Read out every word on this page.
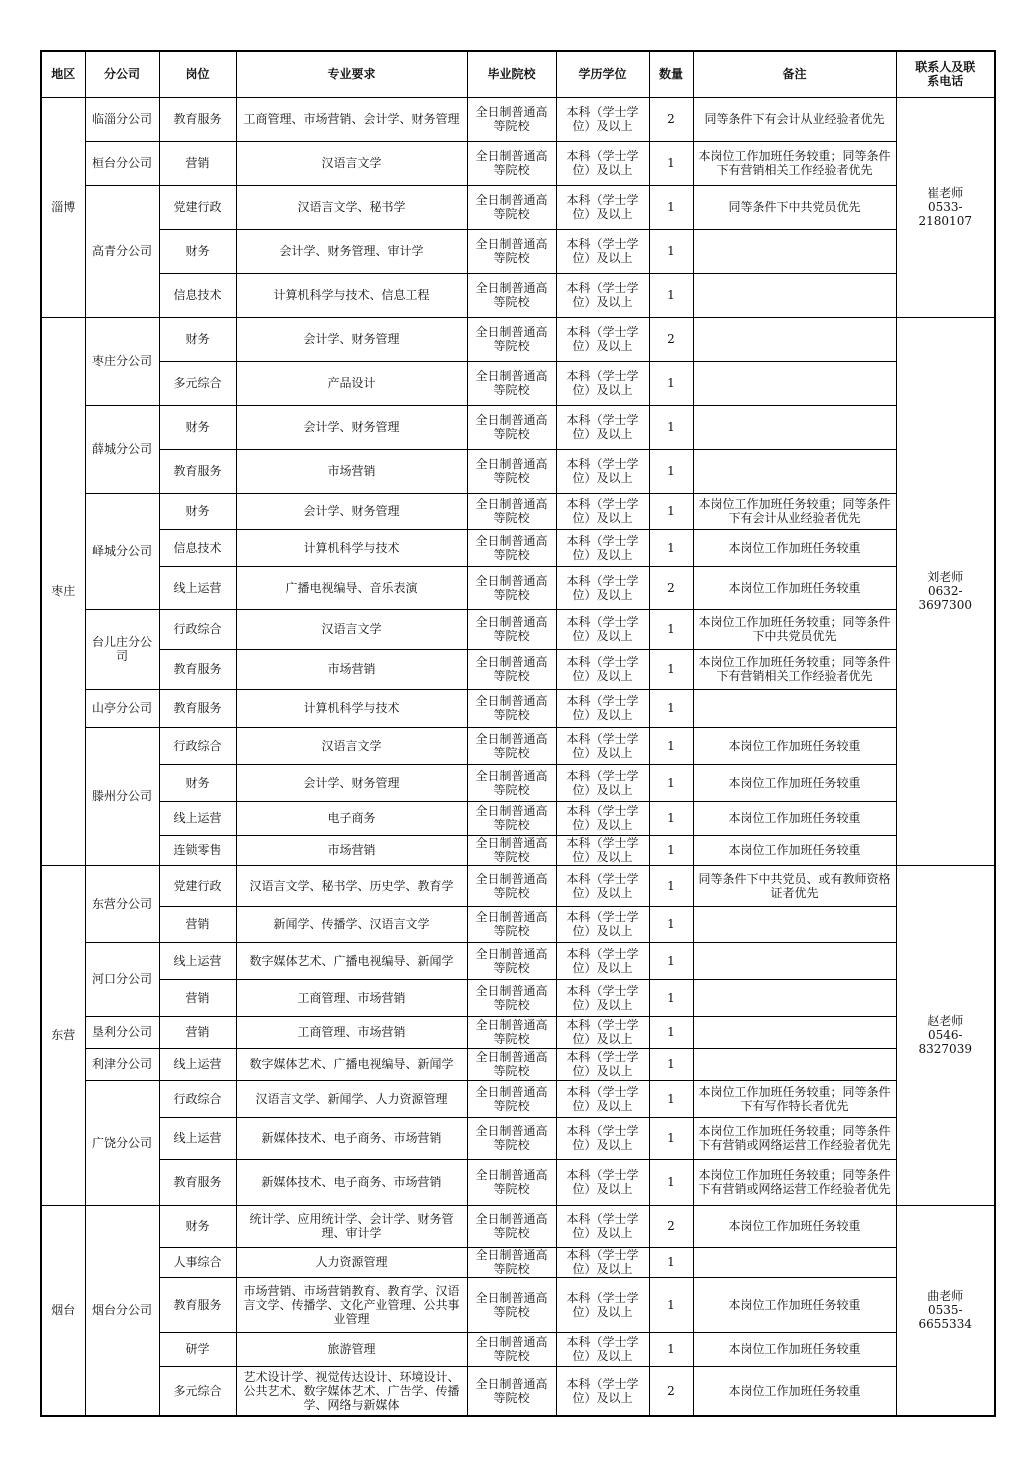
地区	分公司	岗位	专业要求	毕业院校	学历学位	数量	备注	联系人及联系电话
淄博	临淄分公司	教育服务	工商管理、市场营销、会计学、财务管理	全日制普通高等院校	本科（学士学位）及以上	2	同等条件下有会计从业经验者优先	崔老师 0533-2180107
	桓台分公司	营销	汉语言文学	全日制普通高等院校	本科（学士学位）及以上	1	本岗位工作加班任务较重；同等条件下有营销相关工作经验者优先	
	高青分公司	党建行政	汉语言文学、秘书学	全日制普通高等院校	本科（学士学位）及以上	1	同等条件下中共党员优先	
		财务	会计学、财务管理、审计学	全日制普通高等院校	本科（学士学位）及以上	1		
		信息技术	计算机科学与技术、信息工程	全日制普通高等院校	本科（学士学位）及以上	1		
枣庄	枣庄分公司	财务	会计学、财务管理	全日制普通高等院校	本科（学士学位）及以上	2		刘老师 0632-3697300
		多元综合	产品设计	全日制普通高等院校	本科（学士学位）及以上	1		
	薛城分公司	财务	会计学、财务管理	全日制普通高等院校	本科（学士学位）及以上	1		
		教育服务	市场营销	全日制普通高等院校	本科（学士学位）及以上	1		
	峄城分公司	财务	会计学、财务管理	全日制普通高等院校	本科（学士学位）及以上	1	本岗位工作加班任务较重；同等条件下有会计从业经验者优先	
		信息技术	计算机科学与技术	全日制普通高等院校	本科（学士学位）及以上	1	本岗位工作加班任务较重	
		线上运营	广播电视编导、音乐表演	全日制普通高等院校	本科（学士学位）及以上	2	本岗位工作加班任务较重	
	台儿庄分公司	行政综合	汉语言文学	全日制普通高等院校	本科（学士学位）及以上	1	本岗位工作加班任务较重；同等条件下中共党员优先	
		教育服务	市场营销	全日制普通高等院校	本科（学士学位）及以上	1	本岗位工作加班任务较重；同等条件下有营销相关工作经验者优先	
	山亭分公司	教育服务	计算机科学与技术	全日制普通高等院校	本科（学士学位）及以上	1		
	滕州分公司	行政综合	汉语言文学	全日制普通高等院校	本科（学士学位）及以上	1	本岗位工作加班任务较重	
		财务	会计学、财务管理	全日制普通高等院校	本科（学士学位）及以上	1	本岗位工作加班任务较重	
		线上运营	电子商务	全日制普通高等院校	本科（学士学位）及以上	1	本岗位工作加班任务较重	
		连锁零售	市场营销	全日制普通高等院校	本科（学士学位）及以上	1	本岗位工作加班任务较重	
东营	东营分公司	党建行政	汉语言文学、秘书学、历史学、教育学	全日制普通高等院校	本科（学士学位）及以上	1	同等条件下中共党员、或有教师资格证者优先	赵老师 0546-8327039
		营销	新闻学、传播学、汉语言文学	全日制普通高等院校	本科（学士学位）及以上	1		
	河口分公司	线上运营	数字媒体艺术、广播电视编导、新闻学	全日制普通高等院校	本科（学士学位）及以上	1		
		营销	工商管理、市场营销	全日制普通高等院校	本科（学士学位）及以上	1		
	垦利分公司	营销	工商管理、市场营销	全日制普通高等院校	本科（学士学位）及以上	1		
	利津分公司	线上运营	数字媒体艺术、广播电视编导、新闻学	全日制普通高等院校	本科（学士学位）及以上	1		
	广饶分公司	行政综合	汉语言文学、新闻学、人力资源管理	全日制普通高等院校	本科（学士学位）及以上	1	本岗位工作加班任务较重；同等条件下有写作特长者优先	
		线上运营	新媒体技术、电子商务、市场营销	全日制普通高等院校	本科（学士学位）及以上	1	本岗位工作加班任务较重；同等条件下有营销或网络运营工作经验者优先	
		教育服务	新媒体技术、电子商务、市场营销	全日制普通高等院校	本科（学士学位）及以上	1	本岗位工作加班任务较重；同等条件下有营销或网络运营工作经验者优先	
烟台	烟台分公司	财务	统计学、应用统计学、会计学、财务管理、审计学	全日制普通高等院校	本科（学士学位）及以上	2	本岗位工作加班任务较重	曲老师 0535-6655334
		人事综合	人力资源管理	全日制普通高等院校	本科（学士学位）及以上	1		
		教育服务	市场营销、市场营销教育、教育学、汉语言文学、传播学、文化产业管理、公共事业管理	全日制普通高等院校	本科（学士学位）及以上	1	本岗位工作加班任务较重	
		研学	旅游管理	全日制普通高等院校	本科（学士学位）及以上	1	本岗位工作加班任务较重	
		多元综合	艺术设计学、视觉传达设计、环境设计、公共艺术、数字媒体艺术、广告学、传播学、网络与新媒体	全日制普通高等院校	本科（学士学位）及以上	2	本岗位工作加班任务较重	
